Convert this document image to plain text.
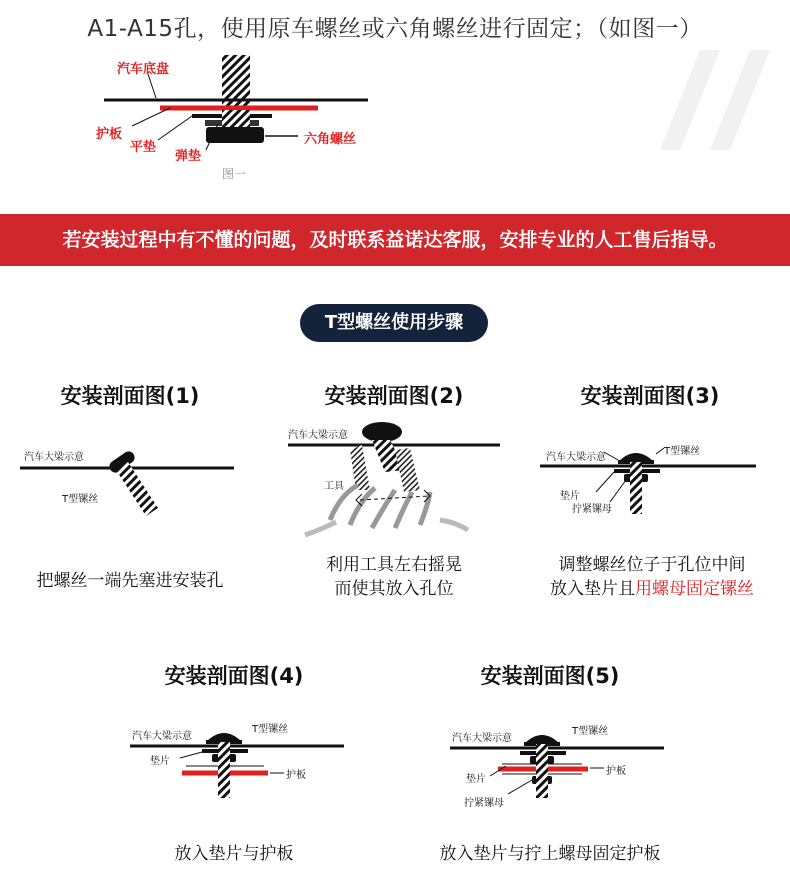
A1-A15孔，使用原车螺丝或六角螺丝进行固定；（如图一）
汽车底盘
护板
平垫
弹垫
六角螺丝
图一
若安装过程中有不懂的问题，及时联系益诺达客服，安排专业的人工售后指导。
T型螺丝使用步骤
安装剖面图(1)
汽车大梁示意
T型镙丝
把螺丝一端先塞进安装孔
安装剖面图(2)
汽车大梁示意
工具
利用工具左右摇晃
而使其放入孔位
安装剖面图(3)
汽车大梁示意
T型镙丝
垫片
拧紧镙母
调整螺丝位子于孔位中间
放入垫片且用螺母固定镙丝
安装剖面图(4)
汽车大梁示意
T型镙丝
垫片
护板
放入垫片与护板
安装剖面图(5)
汽车大梁示意
T型镙丝
垫片
护板
拧紧镙母
放入垫片与拧上螺母固定护板
